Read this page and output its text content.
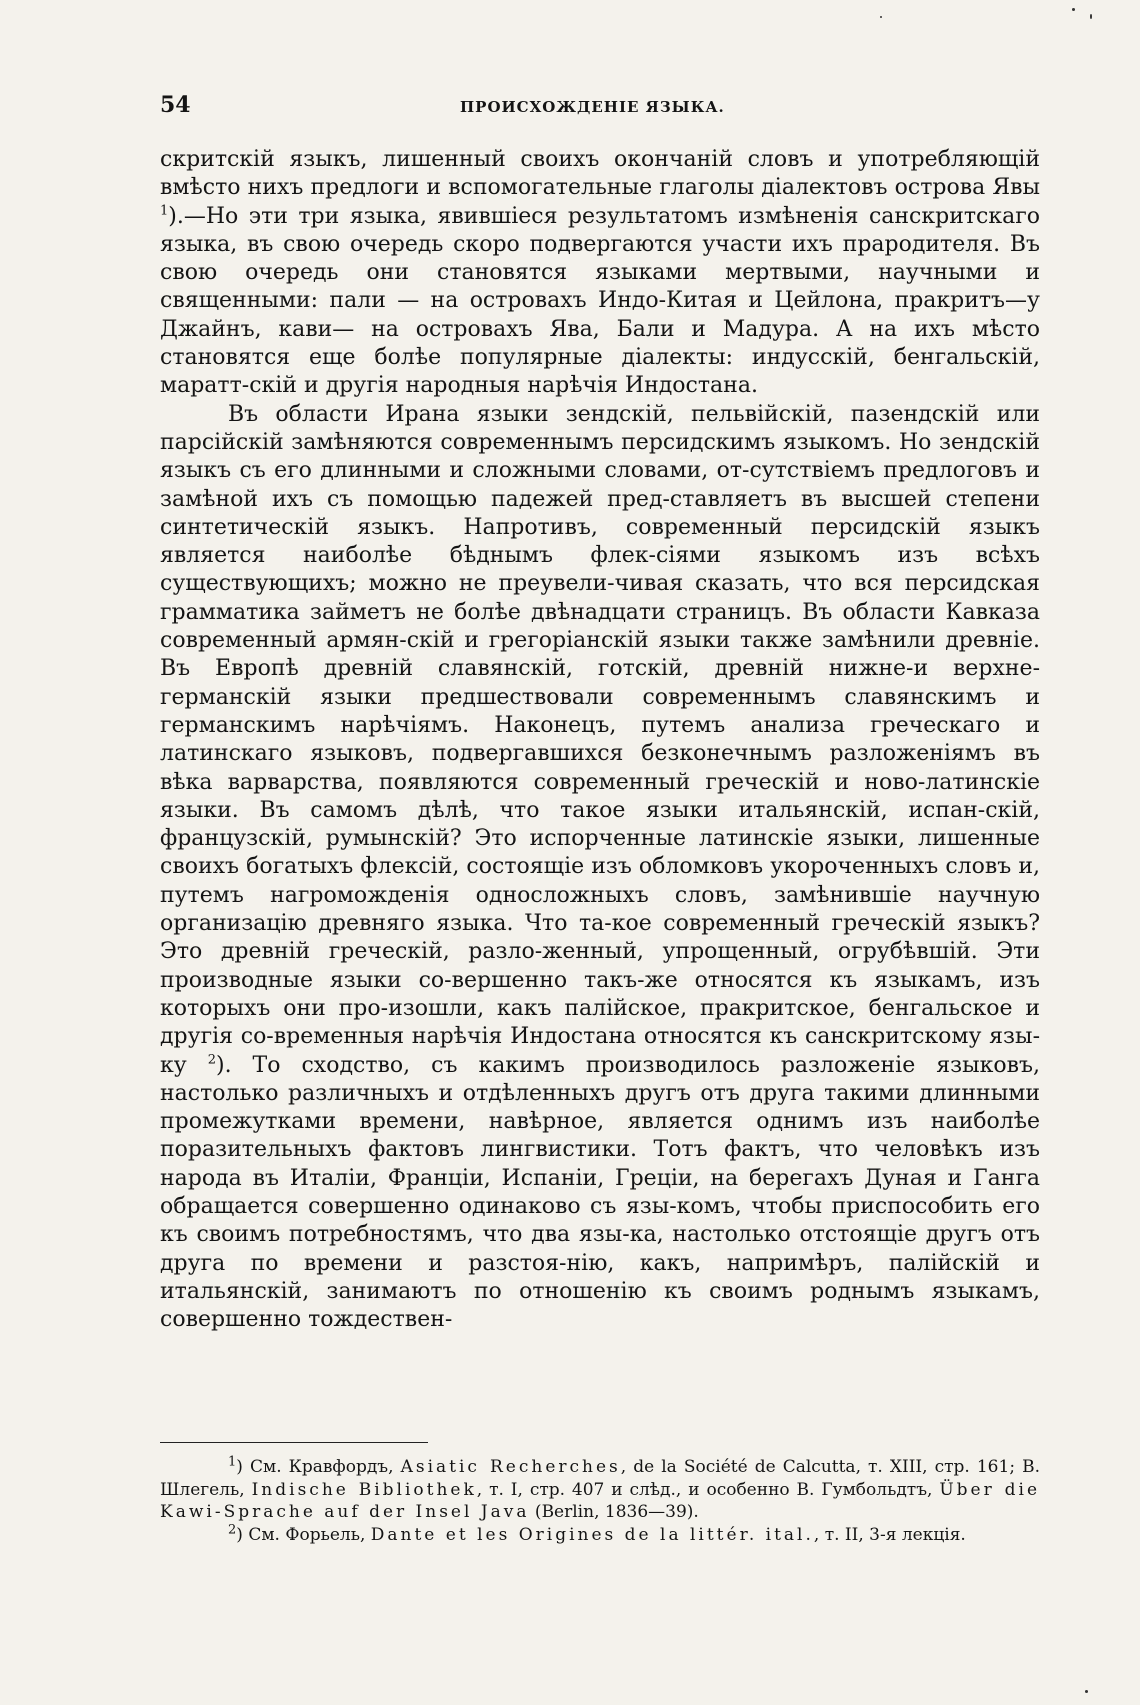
54	ПРОИСХОЖДЕНIЕ ЯЗЫКА.

скритскiй языкъ, лишенный своихъ окончанiй словъ и употребляющiй вмѣсто нихъ предлоги и вспомогательные глаголы дiалектовъ острова Явы $^1$).—Но эти три языка, явившiеся результатомъ измѣненiя санскритскаго языка, въ свою очередь скоро подвергаются участи ихъ прародителя. Въ свою очередь они становятся языками мертвыми, научными и священными: пали — на островахъ Индо-Китая и Цейлона, пракритъ—у Джайнъ, кави— на островахъ Ява, Бали и Мадура. А на ихъ мѣсто становятся еще болѣе популярные дiалекты: индусскiй, бенгальскiй, маратт-скiй и другiя народныя нарѣчiя Индостана.

Въ области Ирана языки зендскiй, пельвiйскiй, пазендскiй или парсiйскiй замѣняются современнымъ персидскимъ языкомъ. Но зендскiй языкъ съ его длинными и сложными словами, от-сутствiемъ предлоговъ и замѣной ихъ съ помощью падежей пред-ставляетъ въ высшей степени синтетическiй языкъ. Напротивъ, современный персидскiй языкъ является наиболѣе бѣднымъ флек-сiями языкомъ изъ всѣхъ существующихъ; можно не преувели-чивая сказать, что вся персидская грамматика займетъ не болѣе двѣнадцати страницъ. Въ области Кавказа современный армян-скiй и грегорiанскiй языки также замѣнили древнiе. Въ Европѣ древнiй славянскiй, готскiй, древнiй нижне-и верхне-германскiй языки предшествовали современнымъ славянскимъ и германскимъ нарѣчiямъ. Наконецъ, путемъ анализа греческаго и латинскаго языковъ, подвергавшихся безконечнымъ разложенiямъ въ вѣка варварства, появляются современный греческiй и ново-латинскiе языки. Въ самомъ дѣлѣ, что такое языки итальянскiй, испан-скiй, французскiй, румынскiй? Это испорченные латинскiе языки, лишенные своихъ богатыхъ флексiй, состоящiе изъ обломковъ укороченныхъ словъ и, путемъ нагроможденiя односложныхъ словъ, замѣнившiе научную организацiю древняго языка. Что та-кое современный греческiй языкъ? Это древнiй греческiй, разло-женный, упрощенный, огрубѣвшiй. Эти производные языки со-вершенно такъ-же относятся къ языкамъ, изъ которыхъ они про-изошли, какъ палiйское, пракритское, бенгальское и другiя со-временныя нарѣчiя Индостана относятся къ санскритскому язы-ку $^2$). То сходство, съ какимъ производилось разложенiе языковъ, настолько различныхъ и отдѣленныхъ другъ отъ друга такими длинными промежутками времени, навѣрное, является однимъ изъ наиболѣе поразительныхъ фактовъ лингвистики. Тотъ фактъ, что человѣкъ изъ народа въ Италiи, Францiи, Испанiи, Грецiи, на берегахъ Дуная и Ганга обращается совершенно одинаково съ язы-комъ, чтобы приспособить его къ своимъ потребностямъ, что два язы-ка, настолько отстоящiе другъ отъ друга по времени и разстоя-нiю, какъ, напримѣръ, палiйскiй и итальянскiй, занимаютъ по отношенiю къ своимъ роднымъ языкамъ, совершенно тождествен-

$^1$) См. Кравфордъ, Asiatic Recherches, de la Société de Calcutta, т. XIII, стр. 161; В. Шлегель, Indische Bibliothek, т. I, стр. 407 и слѣд., и особенно В. Гумбольдтъ, Über die Kawi-Sprache auf der Insel Java (Berlin, 1836—39).

$^2$) См. Форьель, Dante et les Origines de la littér. ital., т. II, 3-я лекцiя.
